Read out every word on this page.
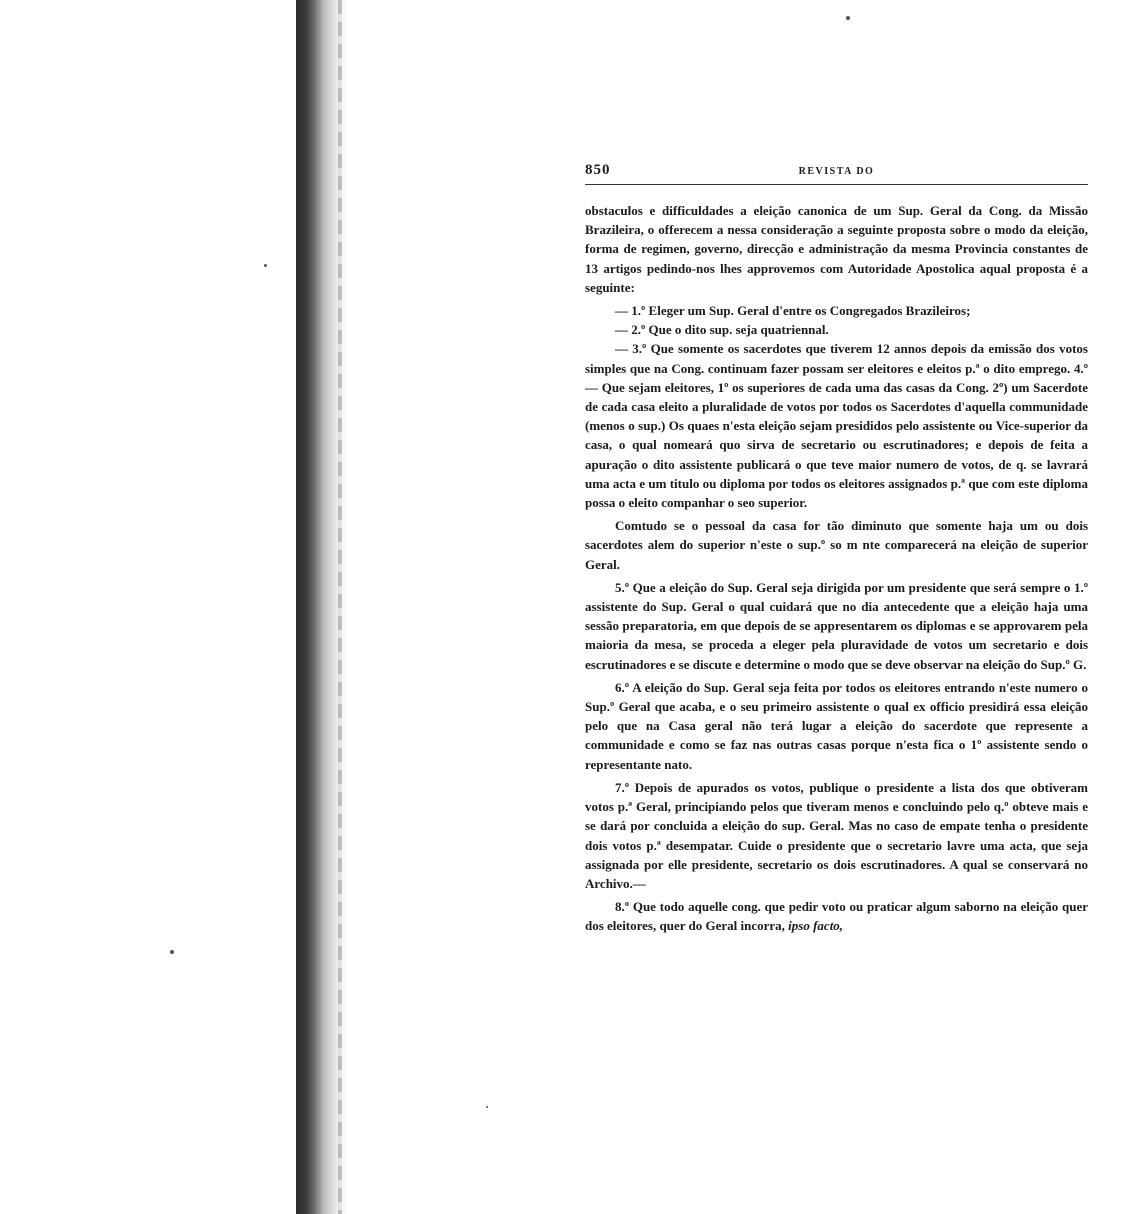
850	REVISTA DO

obstaculos e difficuldades a eleição canonica de um Sup. Geral da Cong. da Missão Brazileira, o offerecem a nessa consideração a seguinte proposta sobre o modo da eleição, forma de regimen, governo, direcção e administração da mesma Provincia constantes de 13 artigos pedindo-nos lhes approvemos com Autoridade Apostolica aqual proposta é a seguinte:

— 1.º Eleger um Sup. Geral d'entre os Congregados Brazileiros;

— 2.º Que o dito sup. seja quatriennal.

— 3.º Que somente os sacerdotes que tiverem 12 annos depois da emissão dos votos simples que na Cong. continuam fazer possam ser eleitores e eleitos p.ª o dito emprego. 4.º — Que sejam eleitores, 1º os superiores de cada uma das casas da Cong. 2º) um Sacerdote de cada casa eleito a pluralidade de votos por todos os Sacerdotes d'aquella communidade (menos o sup.) Os quaes n'esta eleição sejam presididos pelo assistente ou Vice-superior da casa, o qual nomeará quo sirva de secretario ou escrutinadores; e depois de feita a apuração o dito assistente publicará o que teve maior numero de votos, de q. se lavrará uma acta e um titulo ou diploma por todos os eleitores assignados p.ª que com este diploma possa o eleito companhar o seo superior.

Comtudo se o pessoal da casa for tão diminuto que somente haja um ou dois sacerdotes alem do superior n'este o sup.º so m nte comparecerá na eleição de superior Geral.

5.º Que a eleição do Sup. Geral seja dirigida por um presidente que será sempre o 1.º assistente do Sup. Geral o qual cuidará que no dia antecedente que a eleição haja uma sessão preparatoria, em que depois de se appresentarem os diplomas e se approvarem pela maioria da mesa, se proceda a eleger pela pluravidade de votos um secretario e dois escrutinadores e se discute e determine o modo que se deve observar na eleição do Sup.º G.

6.º A eleição do Sup. Geral seja feita por todos os eleitores entrando n'este numero o Sup.º Geral que acaba, e o seu primeiro assistente o qual ex officio presidirá essa eleição pelo que na Casa geral não terá lugar a eleição do sacerdote que represente a communidade e como se faz nas outras casas porque n'esta fica o 1º assistente sendo o representante nato.

7.º Depois de apurados os votos, publique o presidente a lista dos que obtiveram votos p.ª Geral, principiando pelos que tiveram menos e concluindo pelo q.º obteve mais e se dará por concluida a eleição do sup. Geral. Mas no caso de empate tenha o presidente dois votos p.ª desempatar. Cuide o presidente que o secretario lavre uma acta, que seja assignada por elle presidente, secretario os dois escrutinadores. A qual se conservará no Archivo.—

8.º Que todo aquelle cong. que pedir voto ou praticar algum saborno na eleição quer dos eleitores, quer do Geral incorra, ipso facto,
